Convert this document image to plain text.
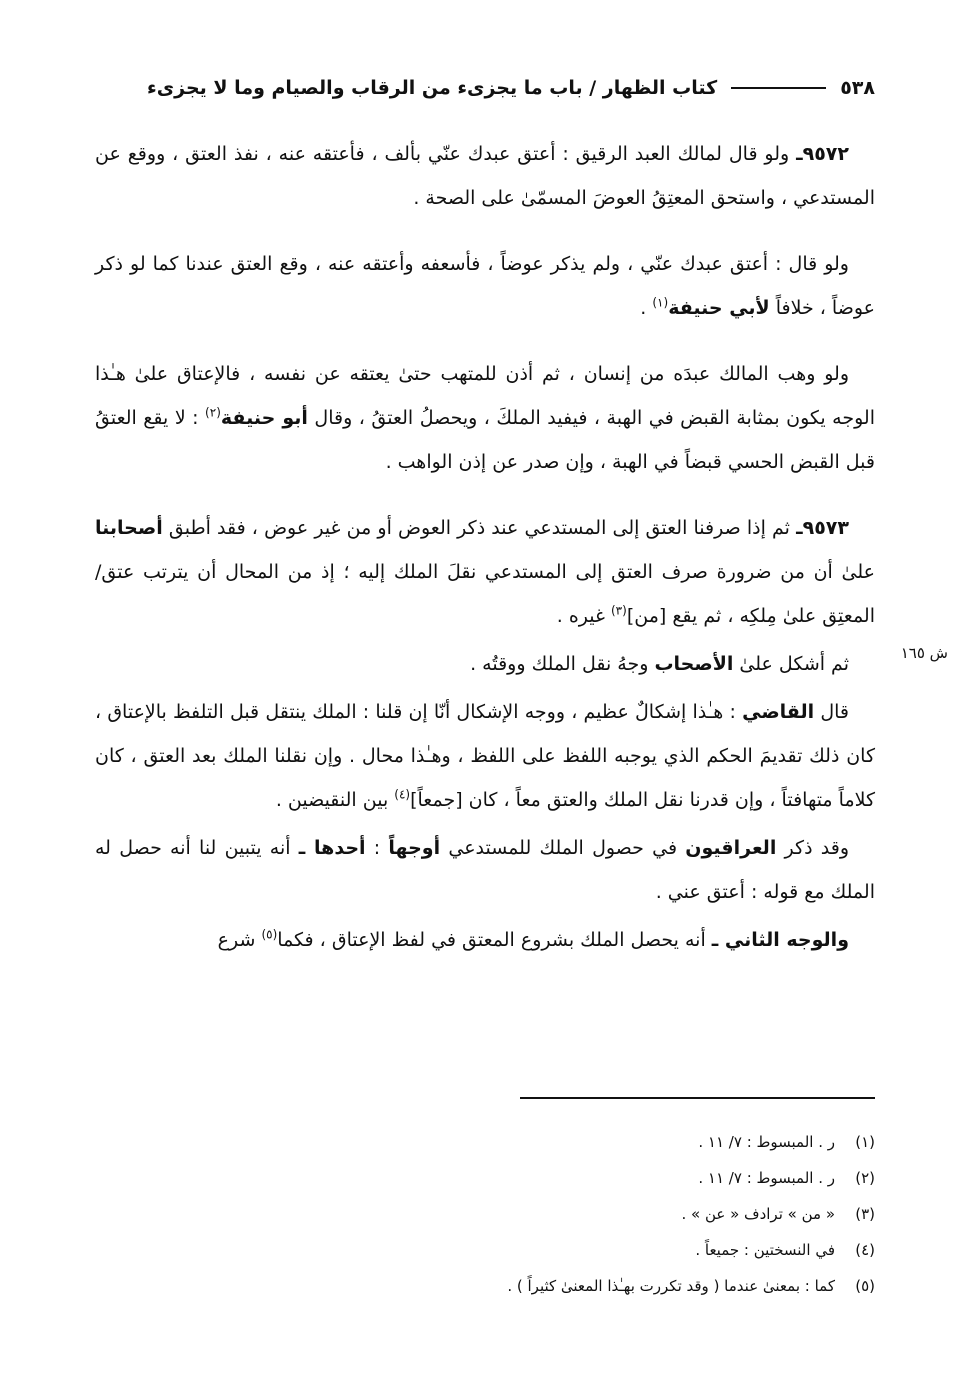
٥٣٨
كتاب الظهار / باب ما يجزىء من الرقاب والصيام وما لا يجزىء
ش ١٦٥

٩٥٧٢ـ ولو قال لمالك العبد الرقيق : أعتق عبدك عنّي بألف ، فأعتقه عنه ، نفذ العتق ، ووقع عن المستدعي ، واستحق المعتِقُ العوضَ المسمّىٰ على الصحة .

ولو قال : أعتق عبدك عنّي ، ولم يذكر عوضاً ، فأسعفه وأعتقه عنه ، وقع العتق عندنا كما لو ذكر عوضاً ، خلافاً لأبي حنيفة$^{(١)}$ .

ولو وهب المالك عبدَه من إنسان ، ثم أذن للمتهب حتىٰ يعتقه عن نفسه ، فالإعتاق علىٰ هـٰذا الوجه يكون بمثابة القبض في الهبة ، فيفيد الملكَ ، ويحصلُ العتقُ ، وقال أبو حنيفة$^{(٢)}$ : لا يقع العتقُ قبل القبض الحسي قبضاً في الهبة ، وإن صدر عن إذن الواهب .

٩٥٧٣ـ ثم إذا صرفنا العتق إلى المستدعي عند ذكر العوض أو من غير عوض ، فقد أطبق أصحابنا علىٰ أن من ضرورة صرف العتق إلى المستدعي نقلَ الملك إليه ؛ إذ من المحال أن يترتب عتق/ المعتِق علىٰ مِلكِه ، ثم يقع [من]$^{(٣)}$ غيره .

ثم أشكل علىٰ الأصحاب وجهُ نقل الملك ووقتُه .

قال القاضي : هـٰذا إشكالٌ عظيم ، ووجه الإشكال أنّا إن قلنا : الملك ينتقل قبل التلفظ بالإعتاق ، كان ذلك تقديمَ الحكم الذي يوجبه اللفظ على اللفظ ، وهـٰذا محال . وإن نقلنا الملك بعد العتق ، كان كلاماً متهافتاً ، وإن قدرنا نقل الملك والعتق معاً ، كان [جمعاً]$^{(٤)}$ بين النقيضين .

وقد ذكر العراقيون في حصول الملك للمستدعي أوجهاً : أحدها ـ أنه يتبين لنا أنه حصل له الملك مع قوله : أعتق عني .

والوجه الثاني ـ أنه يحصل الملك بشروع المعتق في لفظ الإعتاق ، فكما$^{(٥)}$ شرع

(١)
ر . المبسوط : ٧/ ١١ .
(٢)
ر . المبسوط : ٧/ ١١ .
(٣)
« من » ترادف « عن » .
(٤)
في النسختين : جميعاً .
(٥)
كما : بمعنىٰ عندما ( وقد تكررت بهـٰذا المعنىٰ كثيراً ) .
